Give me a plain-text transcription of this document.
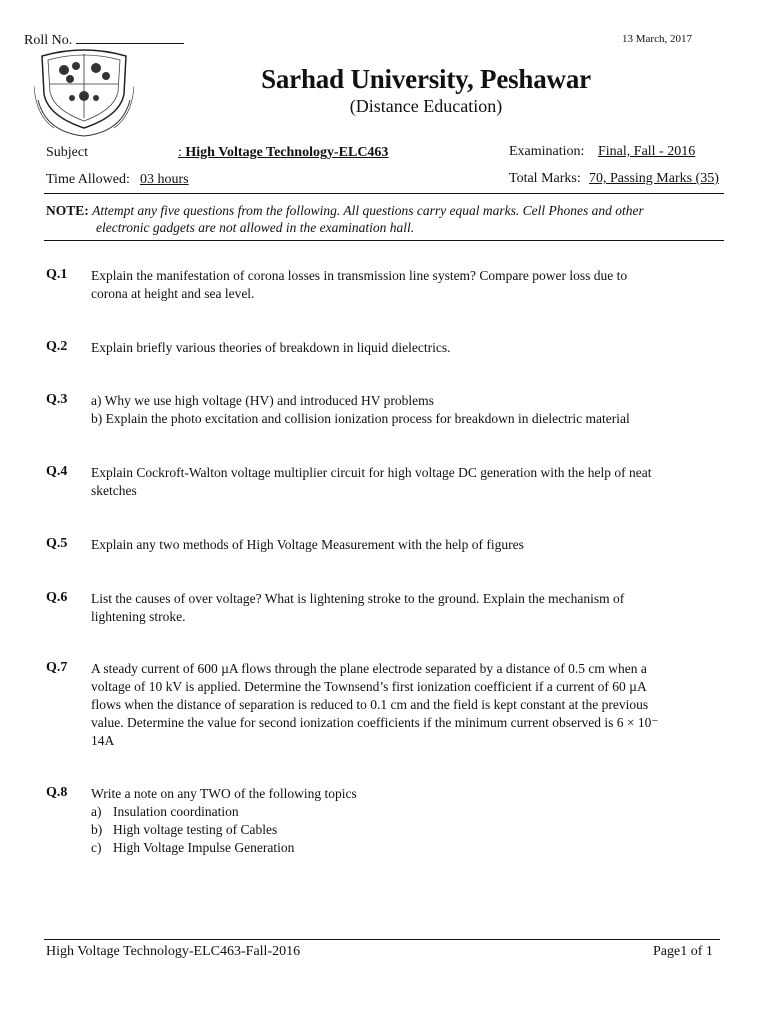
Roll No.	13 March, 2017
Sarhad University, Peshawar
(Distance Education)
Subject	: High Voltage Technology-ELC463	Examination: Final, Fall - 2016
Time Allowed: 03 hours	Total Marks: 70, Passing Marks (35)
NOTE: Attempt any five questions from the following. All questions carry equal marks. Cell Phones and other
electronic gadgets are not allowed in the examination hall.
Q.1	Explain the manifestation of corona losses in transmission line system? Compare power loss due to
corona at height and sea level.
Q.2	Explain briefly various theories of breakdown in liquid dielectrics.
Q.3	a) Why we use high voltage (HV) and introduced HV problems
b) Explain the photo excitation and collision ionization process for breakdown in dielectric material
Q.4	Explain Cockroft-Walton voltage multiplier circuit for high voltage DC generation with the help of neat
sketches
Q.5	Explain any two methods of High Voltage Measurement with the help of figures
Q.6	List the causes of over voltage? What is lightening stroke to the ground. Explain the mechanism of
lightening stroke.
Q.7	A steady current of 600 µA flows through the plane electrode separated by a distance of 0.5 cm when a
voltage of 10 kV is applied. Determine the Townsend’s first ionization coefficient if a current of 60 µA
flows when the distance of separation is reduced to 0.1 cm and the field is kept constant at the previous
value. Determine the value for second ionization coefficients if the minimum current observed is 6 × 10⁻
14A
Q.8	Write a note on any TWO of the following topics
a) Insulation coordination
b) High voltage testing of Cables
c) High Voltage Impulse Generation
High Voltage Technology-ELC463-Fall-2016	Page1 of 1
